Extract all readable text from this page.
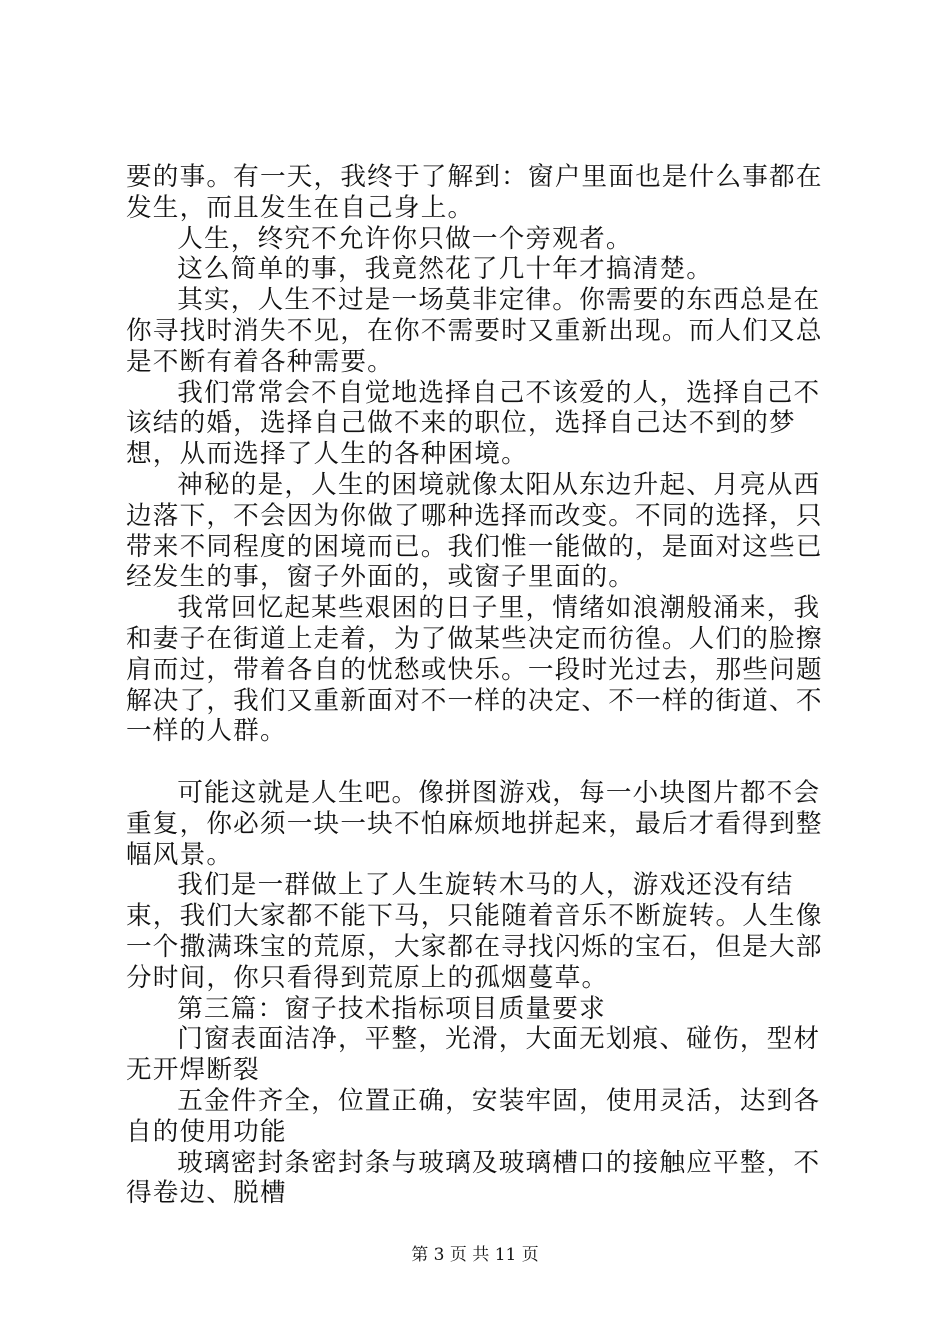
要的事。有一天，我终于了解到：窗户里面也是什么事都在发生，而且发生在自己身上。

人生，终究不允许你只做一个旁观者。

这么简单的事，我竟然花了几十年才搞清楚。

其实，人生不过是一场莫非定律。你需要的东西总是在你寻找时消失不见，在你不需要时又重新出现。而人们又总是不断有着各种需要。

我们常常会不自觉地选择自己不该爱的人，选择自己不该结的婚，选择自己做不来的职位，选择自己达不到的梦想，从而选择了人生的各种困境。

神秘的是，人生的困境就像太阳从东边升起、月亮从西边落下，不会因为你做了哪种选择而改变。不同的选择，只带来不同程度的困境而已。我们惟一能做的，是面对这些已经发生的事，窗子外面的，或窗子里面的。

我常回忆起某些艰困的日子里，情绪如浪潮般涌来，我和妻子在街道上走着，为了做某些决定而彷徨。人们的脸擦肩而过，带着各自的忧愁或快乐。一段时光过去，那些问题解决了，我们又重新面对不一样的决定、不一样的街道、不一样的人群。

可能这就是人生吧。像拼图游戏，每一小块图片都不会重复，你必须一块一块不怕麻烦地拼起来，最后才看得到整幅风景。

我们是一群做上了人生旋转木马的人，游戏还没有结束，我们大家都不能下马，只能随着音乐不断旋转。人生像一个撒满珠宝的荒原，大家都在寻找闪烁的宝石，但是大部分时间，你只看得到荒原上的孤烟蔓草。

第三篇：窗子技术指标项目质量要求

门窗表面洁净，平整，光滑，大面无划痕、碰伤，型材无开焊断裂

五金件齐全，位置正确，安装牢固，使用灵活，达到各自的使用功能

玻璃密封条密封条与玻璃及玻璃槽口的接触应平整，不得卷边、脱槽

第 3 页 共 11 页
